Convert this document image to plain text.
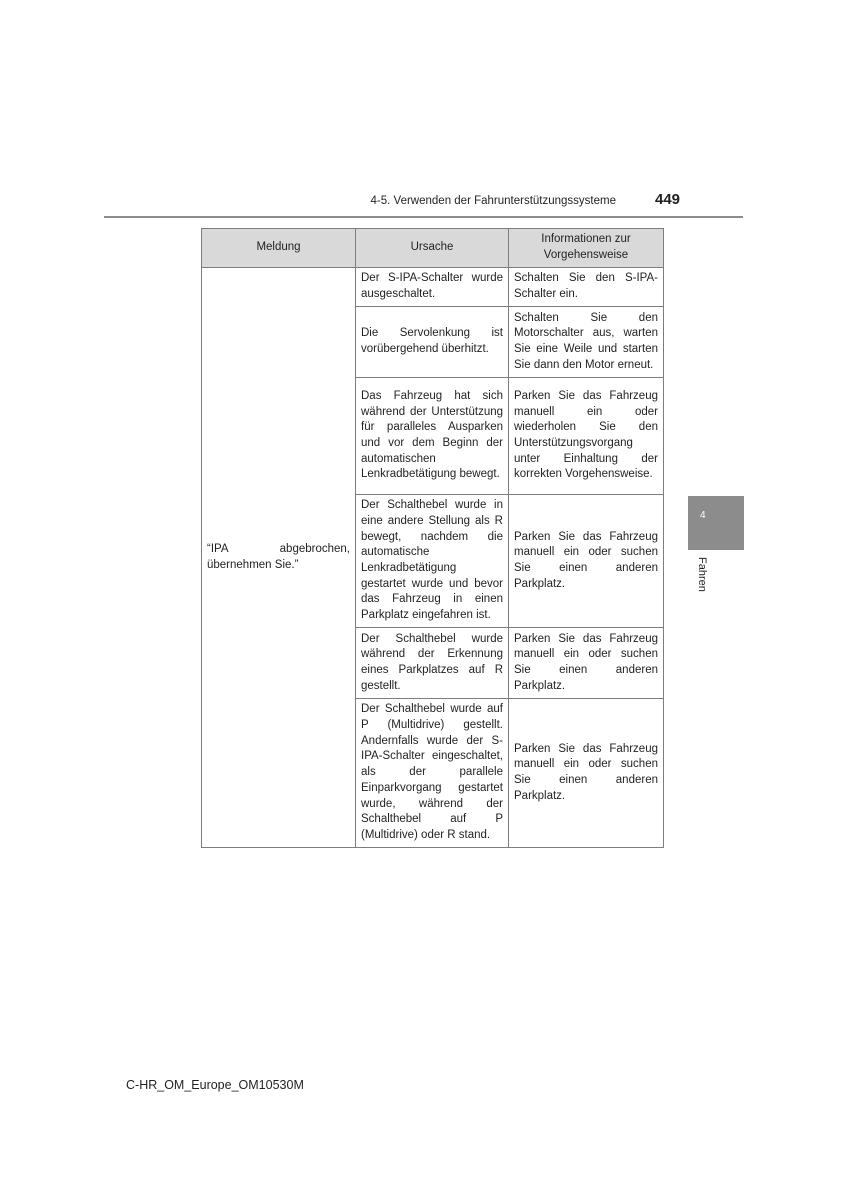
4-5. Verwenden der Fahrunterstützungssysteme	449
Meldung	Ursache	Informationen zur Vorgehensweise
“IPA abgebrochen, übernehmen Sie.”	Der S-IPA-Schalter wurde ausgeschaltet.	Schalten Sie den S-IPA-Schalter ein.
	Die Servolenkung ist vorübergehend überhitzt.	Schalten Sie den Motorschalter aus, warten Sie eine Weile und starten Sie dann den Motor erneut.
	Das Fahrzeug hat sich während der Unterstützung für paralleles Ausparken und vor dem Beginn der automatischen Lenkradbetätigung bewegt.	Parken Sie das Fahrzeug manuell ein oder wiederholen Sie den Unterstützungsvorgang unter Einhaltung der korrekten Vorgehensweise.
	Der Schalthebel wurde in eine andere Stellung als R bewegt, nachdem die automatische Lenkradbetätigung gestartet wurde und bevor das Fahrzeug in einen Parkplatz eingefahren ist.	Parken Sie das Fahrzeug manuell ein oder suchen Sie einen anderen Parkplatz.
	Der Schalthebel wurde während der Erkennung eines Parkplatzes auf R gestellt.	Parken Sie das Fahrzeug manuell ein oder suchen Sie einen anderen Parkplatz.
	Der Schalthebel wurde auf P (Multidrive) gestellt. Andernfalls wurde der S-IPA-Schalter eingeschaltet, als der parallele Einparkvorgang gestartet wurde, während der Schalthebel auf P (Multidrive) oder R stand.	Parken Sie das Fahrzeug manuell ein oder suchen Sie einen anderen Parkplatz.
4
Fahren
C-HR_OM_Europe_OM10530M
